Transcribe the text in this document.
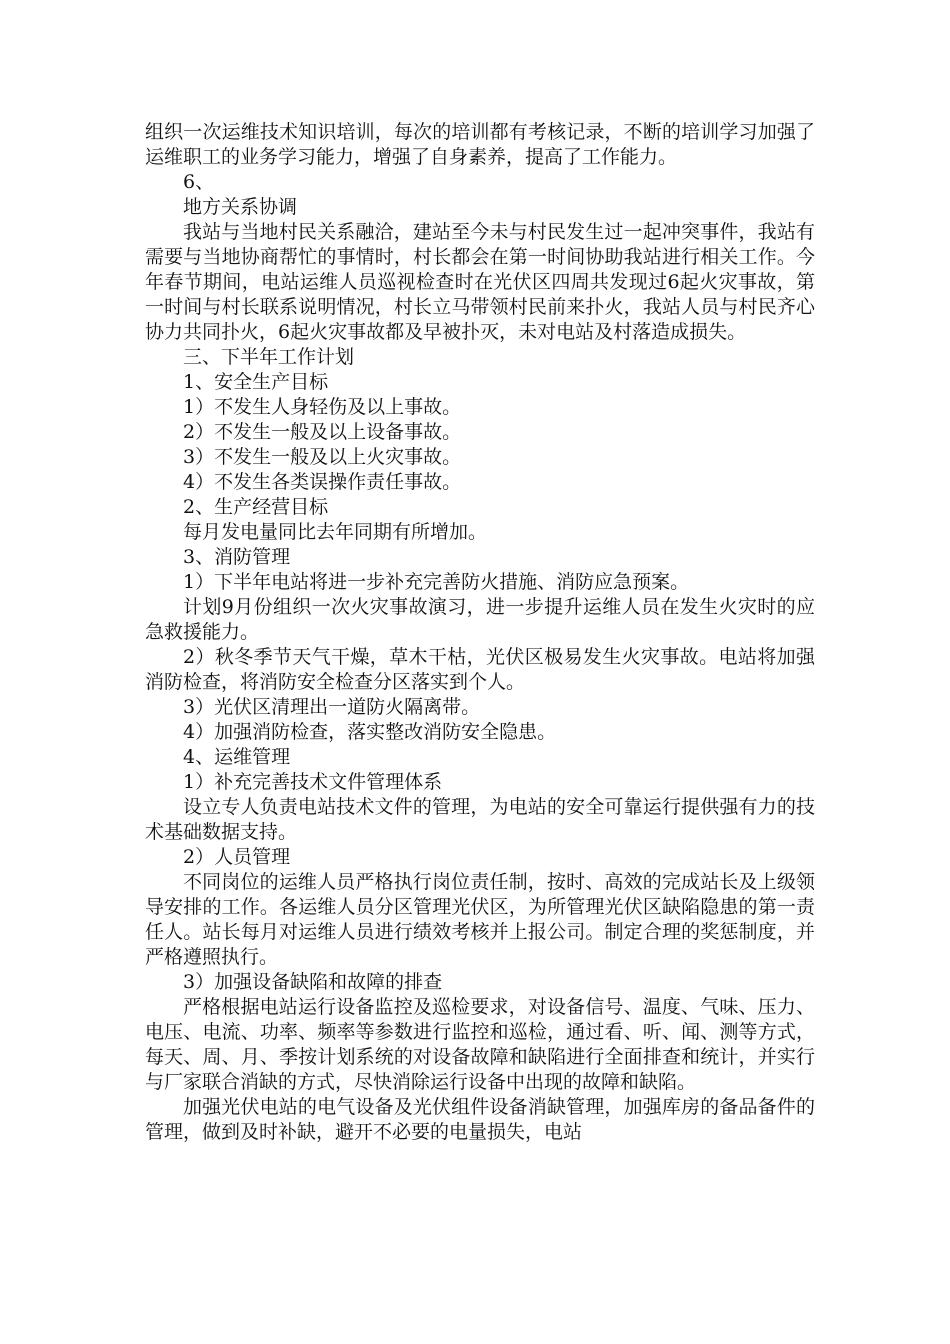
组织一次运维技术知识培训，每次的培训都有考核记录，不断的培训学习加强了运维职工的业务学习能力，增强了自身素养，提高了工作能力。

6、

地方关系协调

我站与当地村民关系融洽，建站至今未与村民发生过一起冲突事件，我站有需要与当地协商帮忙的事情时，村长都会在第一时间协助我站进行相关工作。今年春节期间，电站运维人员巡视检查时在光伏区四周共发现过6起火灾事故，第一时间与村长联系说明情况，村长立马带领村民前来扑火，我站人员与村民齐心协力共同扑火，6起火灾事故都及早被扑灭，未对电站及村落造成损失。

三、下半年工作计划

1、安全生产目标

1）不发生人身轻伤及以上事故。

2）不发生一般及以上设备事故。

3）不发生一般及以上火灾事故。

4）不发生各类误操作责任事故。

2、生产经营目标

每月发电量同比去年同期有所增加。

3、消防管理

1）下半年电站将进一步补充完善防火措施、消防应急预案。

计划9月份组织一次火灾事故演习，进一步提升运维人员在发生火灾时的应急救援能力。

2）秋冬季节天气干燥，草木干枯，光伏区极易发生火灾事故。电站将加强消防检查，将消防安全检查分区落实到个人。

3）光伏区清理出一道防火隔离带。

4）加强消防检查，落实整改消防安全隐患。

4、运维管理

1）补充完善技术文件管理体系

设立专人负责电站技术文件的管理，为电站的安全可靠运行提供强有力的技术基础数据支持。

2）人员管理

不同岗位的运维人员严格执行岗位责任制，按时、高效的完成站长及上级领导安排的工作。各运维人员分区管理光伏区，为所管理光伏区缺陷隐患的第一责任人。站长每月对运维人员进行绩效考核并上报公司。制定合理的奖惩制度，并严格遵照执行。

3）加强设备缺陷和故障的排查

严格根据电站运行设备监控及巡检要求，对设备信号、温度、气味、压力、电压、电流、功率、频率等参数进行监控和巡检，通过看、听、闻、测等方式，每天、周、月、季按计划系统的对设备故障和缺陷进行全面排查和统计，并实行与厂家联合消缺的方式，尽快消除运行设备中出现的故障和缺陷。

加强光伏电站的电气设备及光伏组件设备消缺管理，加强库房的备品备件的管理，做到及时补缺，避开不必要的电量损失，电站
